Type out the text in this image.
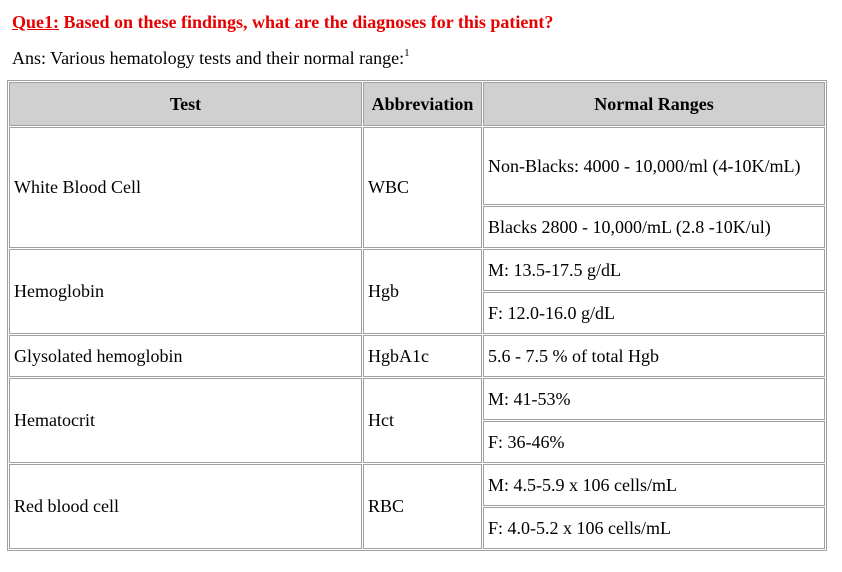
Que1: Based on these findings, what are the diagnoses for this patient?
Ans: Various hematology tests and their normal range:$^1$
Test	Abbreviation	Normal Ranges
White Blood Cell	WBC	Non-Blacks: 4000 - 10,000/ml (4-10K/mL)
		Blacks 2800 - 10,000/mL (2.8 -10K/ul)
Hemoglobin	Hgb	M: 13.5-17.5 g/dL
		F: 12.0-16.0 g/dL
Glysolated hemoglobin	HgbA1c	5.6 - 7.5 % of total Hgb
Hematocrit	Hct	M: 41-53%
		F: 36-46%
Red blood cell	RBC	M: 4.5-5.9 x 106 cells/mL
		F: 4.0-5.2 x 106 cells/mL
